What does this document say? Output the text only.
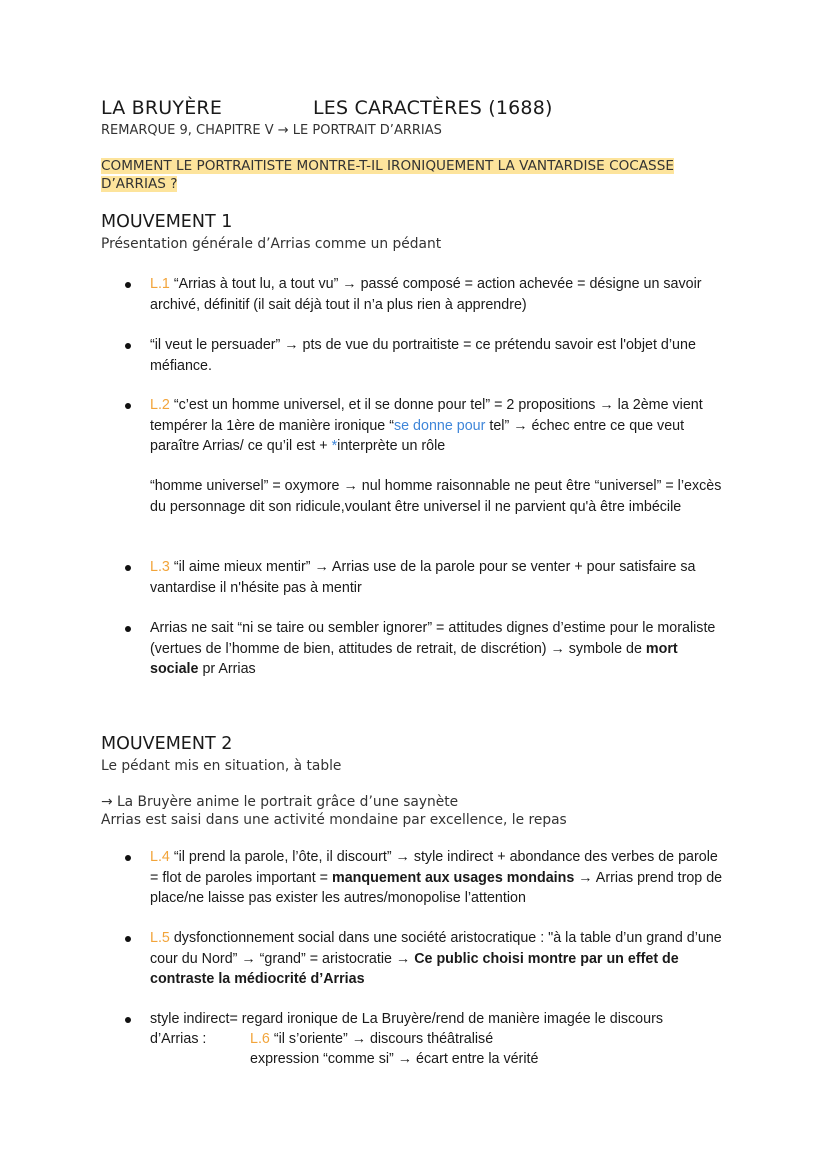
LA BRUYÈRE	LES CARACTÈRES (1688)
REMARQUE 9, CHAPITRE V → LE PORTRAIT D’ARRIAS
COMMENT LE PORTRAITISTE MONTRE-T-IL IRONIQUEMENT LA VANTARDISE COCASSE D’ARRIAS ?
MOUVEMENT 1
Présentation générale d’Arrias comme un pédant
L.1 “Arrias à tout lu, a tout vu” → passé composé = action achevée = désigne un savoir archivé, définitif (il sait déjà tout il n’a plus rien à apprendre)
“il veut le persuader” → pts de vue du portraitiste = ce prétendu savoir est l'objet d’une méfiance.
L.2 “c’est un homme universel, et il se donne pour tel” = 2 propositions → la 2ème vient tempérer la 1ère de manière ironique “se donne pour tel” → échec entre ce que veut paraître Arrias/ ce qu’il est + *interprète un rôle
“homme universel” = oxymore → nul homme raisonnable ne peut être “universel” = l’excès du personnage dit son ridicule,voulant être universel il ne parvient qu'à être imbécile
L.3 “il aime mieux mentir” → Arrias use de la parole pour se venter + pour satisfaire sa vantardise il n'hésite pas à mentir
Arrias ne sait “ni se taire ou sembler ignorer” = attitudes dignes d’estime pour le moraliste (vertues de l’homme de bien, attitudes de retrait, de discrétion) → symbole de mort sociale pr Arrias
MOUVEMENT 2
Le pédant mis en situation, à table
→ La Bruyère anime le portrait grâce d’une saynète
Arrias est saisi dans une activité mondaine par excellence, le repas
L.4 “il prend la parole, l’ôte, il discourt” → style indirect + abondance des verbes de parole = flot de paroles important = manquement aux usages mondains → Arrias prend trop de place/ne laisse pas exister les autres/monopolise l’attention
L.5 dysfonctionnement social dans une société aristocratique : "à la table d’un grand d’une cour du Nord” → “grand” = aristocratie → Ce public choisi montre par un effet de contraste la médiocrité d’Arrias
style indirect= regard ironique de La Bruyère/rend de manière imagée le discours
d’Arrias :	L.6 “il s’oriente” → discours théâtralisé
expression “comme si” → écart entre la vérité
